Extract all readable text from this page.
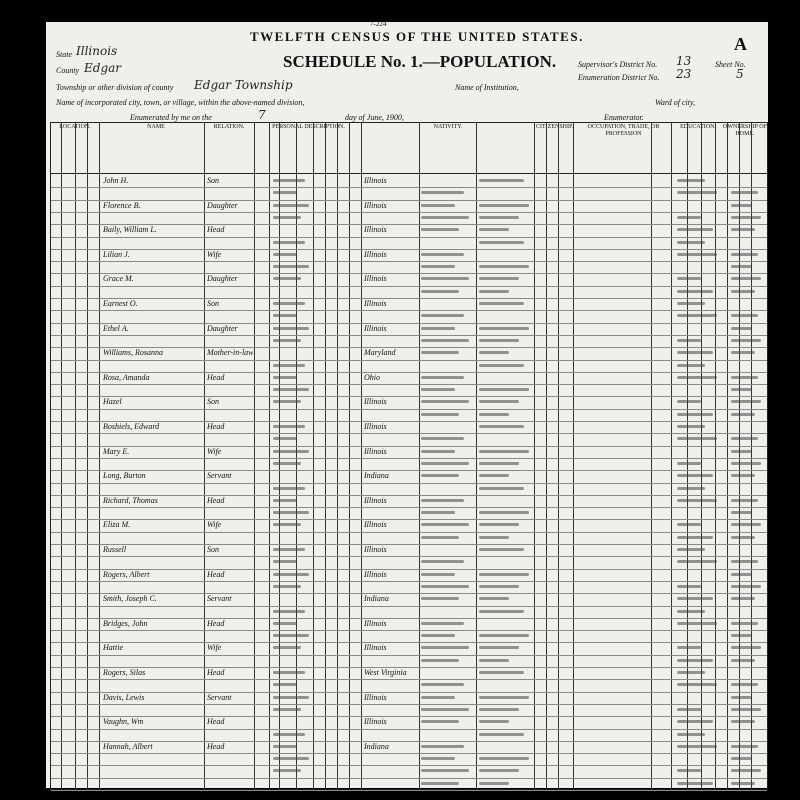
7-224
TWELFTH CENSUS OF THE UNITED STATES.
SCHEDULE No. 1.—POPULATION.
A
State Illinois
County Edgar
Township or other division of county Edgar Township	Name of Institution,
Name of incorporated city, town, or village, within the above-named division,	Ward of city,
Enumerated by me on the	7	day of June, 1900,	Enumerator.
Supervisor's District No. 13
Enumeration District No. 23
Sheet No.
5
LOCATION.	NAME	RELATION.	PERSONAL DESCRIPTION.	NATIVITY.	CITIZENSHIP.	OCCUPATION, TRADE, OR PROFESSION
EDUCATION.	OWNERSHIP OF HOME.
John H.	Son	Illinois
Florence B.	Daughter	Illinois
Baily, William L.	Head	Illinois
Lilian J.	Wife	Illinois
Grace M.	Daughter	Illinois
Earnest O.	Son	Illinois
Ethel A.	Daughter	Illinois
Williams, Rosanna	Mother-in-law	Maryland
Rosa, Amanda	Head	Ohio
Hazel	Son	Illinois
Boshiels, Edward	Head	Illinois
Mary E.	Wife	Illinois
Long, Burton	Servant	Indiana
Richard, Thomas	Head	Illinois
Eliza M.	Wife	Illinois
Russell	Son	Illinois
Rogers, Albert	Head	Illinois
Smith, Joseph C.	Servant	Indiana
Bridges, John	Head	Illinois
Hattie	Wife	Illinois
Rogers, Silas	Head	West Virginia
Davis, Lewis	Servant	Illinois
Vaughn, Wm	Head	Illinois
Hannah, Albert	Head	Indiana
